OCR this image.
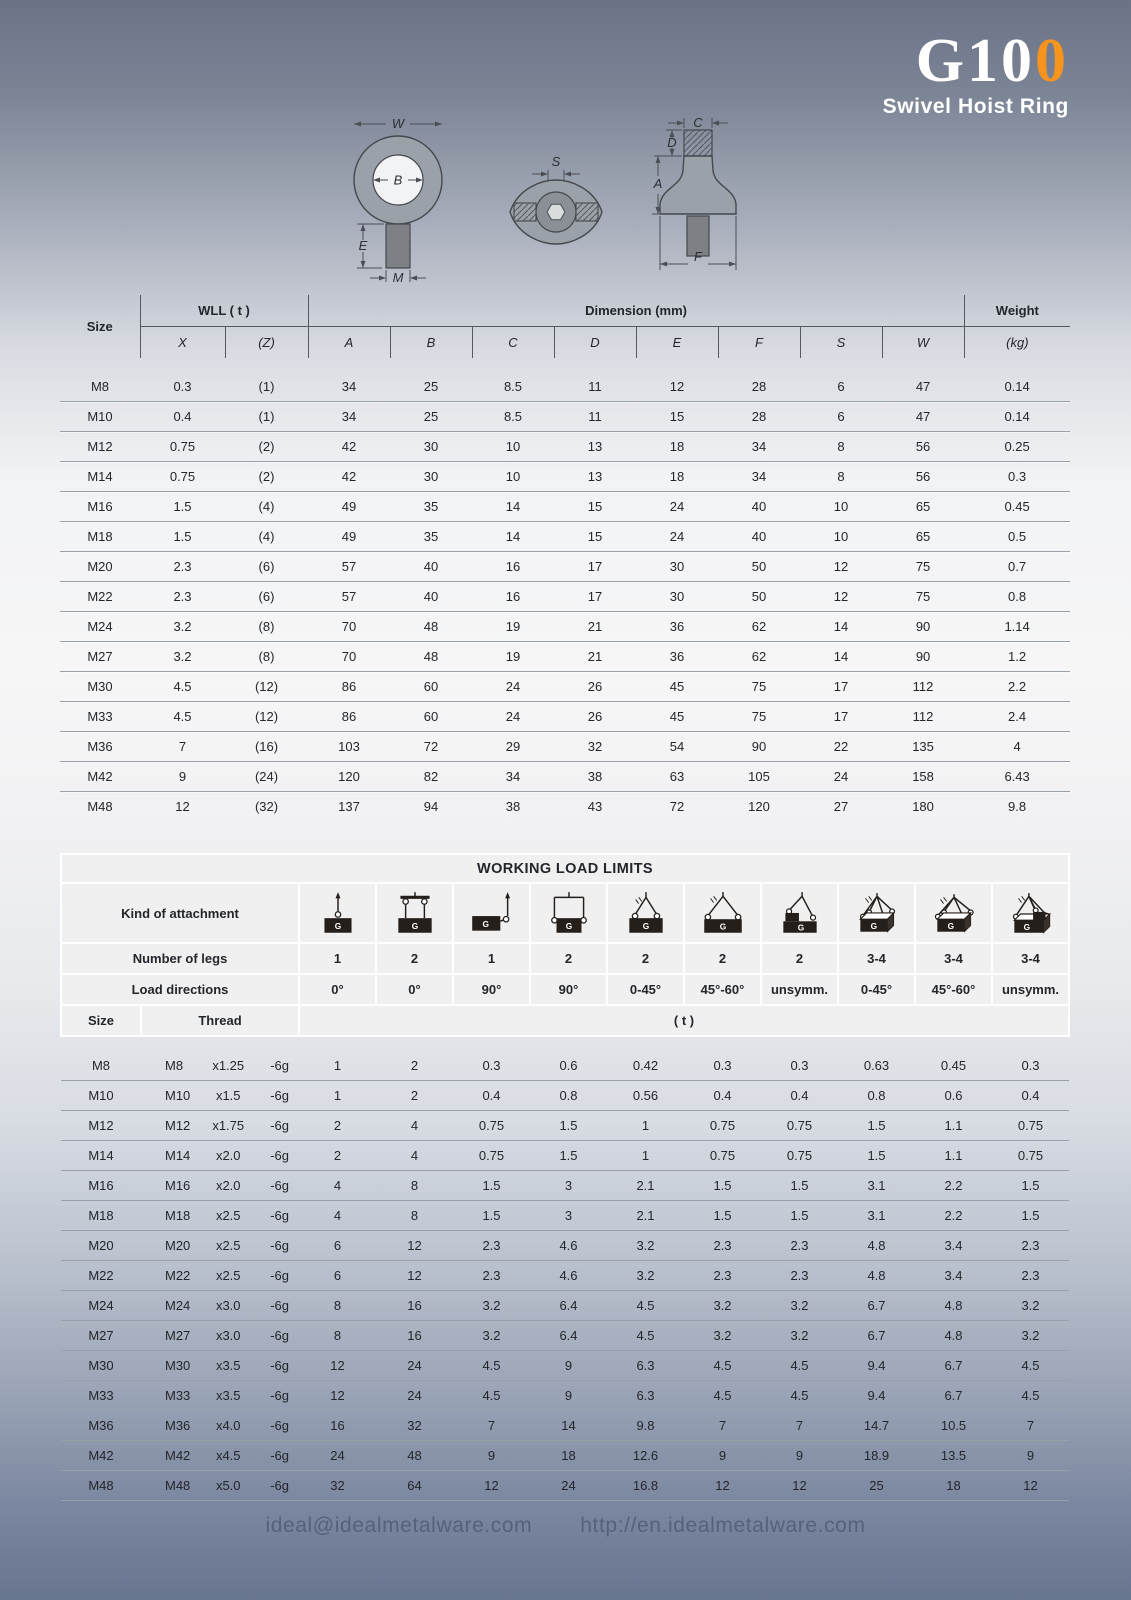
G100
Swivel Hoist Ring
W
B
E
M
S
C
D
A
F
Size	WLL ( t )		Dimension (mm)								Weight
	X	(Z)	A	B	C	D	E	F	S	W	(kg)

M8	0.3	(1)	34	25	8.5	11	12	28	6	47	0.14
M10	0.4	(1)	34	25	8.5	11	15	28	6	47	0.14
M12	0.75	(2)	42	30	10	13	18	34	8	56	0.25
M14	0.75	(2)	42	30	10	13	18	34	8	56	0.3
M16	1.5	(4)	49	35	14	15	24	40	10	65	0.45
M18	1.5	(4)	49	35	14	15	24	40	10	65	0.5
M20	2.3	(6)	57	40	16	17	30	50	12	75	0.7
M22	2.3	(6)	57	40	16	17	30	50	12	75	0.8
M24	3.2	(8)	70	48	19	21	36	62	14	90	1.14
M27	3.2	(8)	70	48	19	21	36	62	14	90	1.2
M30	4.5	(12)	86	60	24	26	45	75	17	112	2.2
M33	4.5	(12)	86	60	24	26	45	75	17	112	2.4
M36	7	(16)	103	72	29	32	54	90	22	135	4
M42	9	(24)	120	82	34	38	63	105	24	158	6.43
M48	12	(32)	137	94	38	43	72	120	27	180	9.8
WORKING LOAD LIMITS											
Kind of attachment		G	G	G	G	G	G	G	G	G	G

Number of legs		1	2	1	2	2	2	2	3-4	3-4	3-4
Load directions		0°	0°	90°	90°	0-45°	45°-60°	unsymm.	0-45°	45°-60°	unsymm.
Size	Thread	( t )									

M8	M8 x1.25 -6g	1	2	0.3	0.6	0.42	0.3	0.3	0.63	0.45	0.3
M10	M10 x1.5 -6g	1	2	0.4	0.8	0.56	0.4	0.4	0.8	0.6	0.4
M12	M12 x1.75 -6g	2	4	0.75	1.5	1	0.75	0.75	1.5	1.1	0.75
M14	M14 x2.0 -6g	2	4	0.75	1.5	1	0.75	0.75	1.5	1.1	0.75
M16	M16 x2.0 -6g	4	8	1.5	3	2.1	1.5	1.5	3.1	2.2	1.5
M18	M18 x2.5 -6g	4	8	1.5	3	2.1	1.5	1.5	3.1	2.2	1.5
M20	M20 x2.5 -6g	6	12	2.3	4.6	3.2	2.3	2.3	4.8	3.4	2.3
M22	M22 x2.5 -6g	6	12	2.3	4.6	3.2	2.3	2.3	4.8	3.4	2.3
M24	M24 x3.0 -6g	8	16	3.2	6.4	4.5	3.2	3.2	6.7	4.8	3.2
M27	M27 x3.0 -6g	8	16	3.2	6.4	4.5	3.2	3.2	6.7	4.8	3.2
M30	M30 x3.5 -6g	12	24	4.5	9	6.3	4.5	4.5	9.4	6.7	4.5
M33	M33 x3.5 -6g	12	24	4.5	9	6.3	4.5	4.5	9.4	6.7	4.5
M36	M36 x4.0 -6g	16	32	7	14	9.8	7	7	14.7	10.5	7
M42	M42 x4.5 -6g	24	48	9	18	12.6	9	9	18.9	13.5	9
M48	M48 x5.0 -6g	32	64	12	24	16.8	12	12	25	18	12
ideal@idealmetalware.com http://en.idealmetalware.com
